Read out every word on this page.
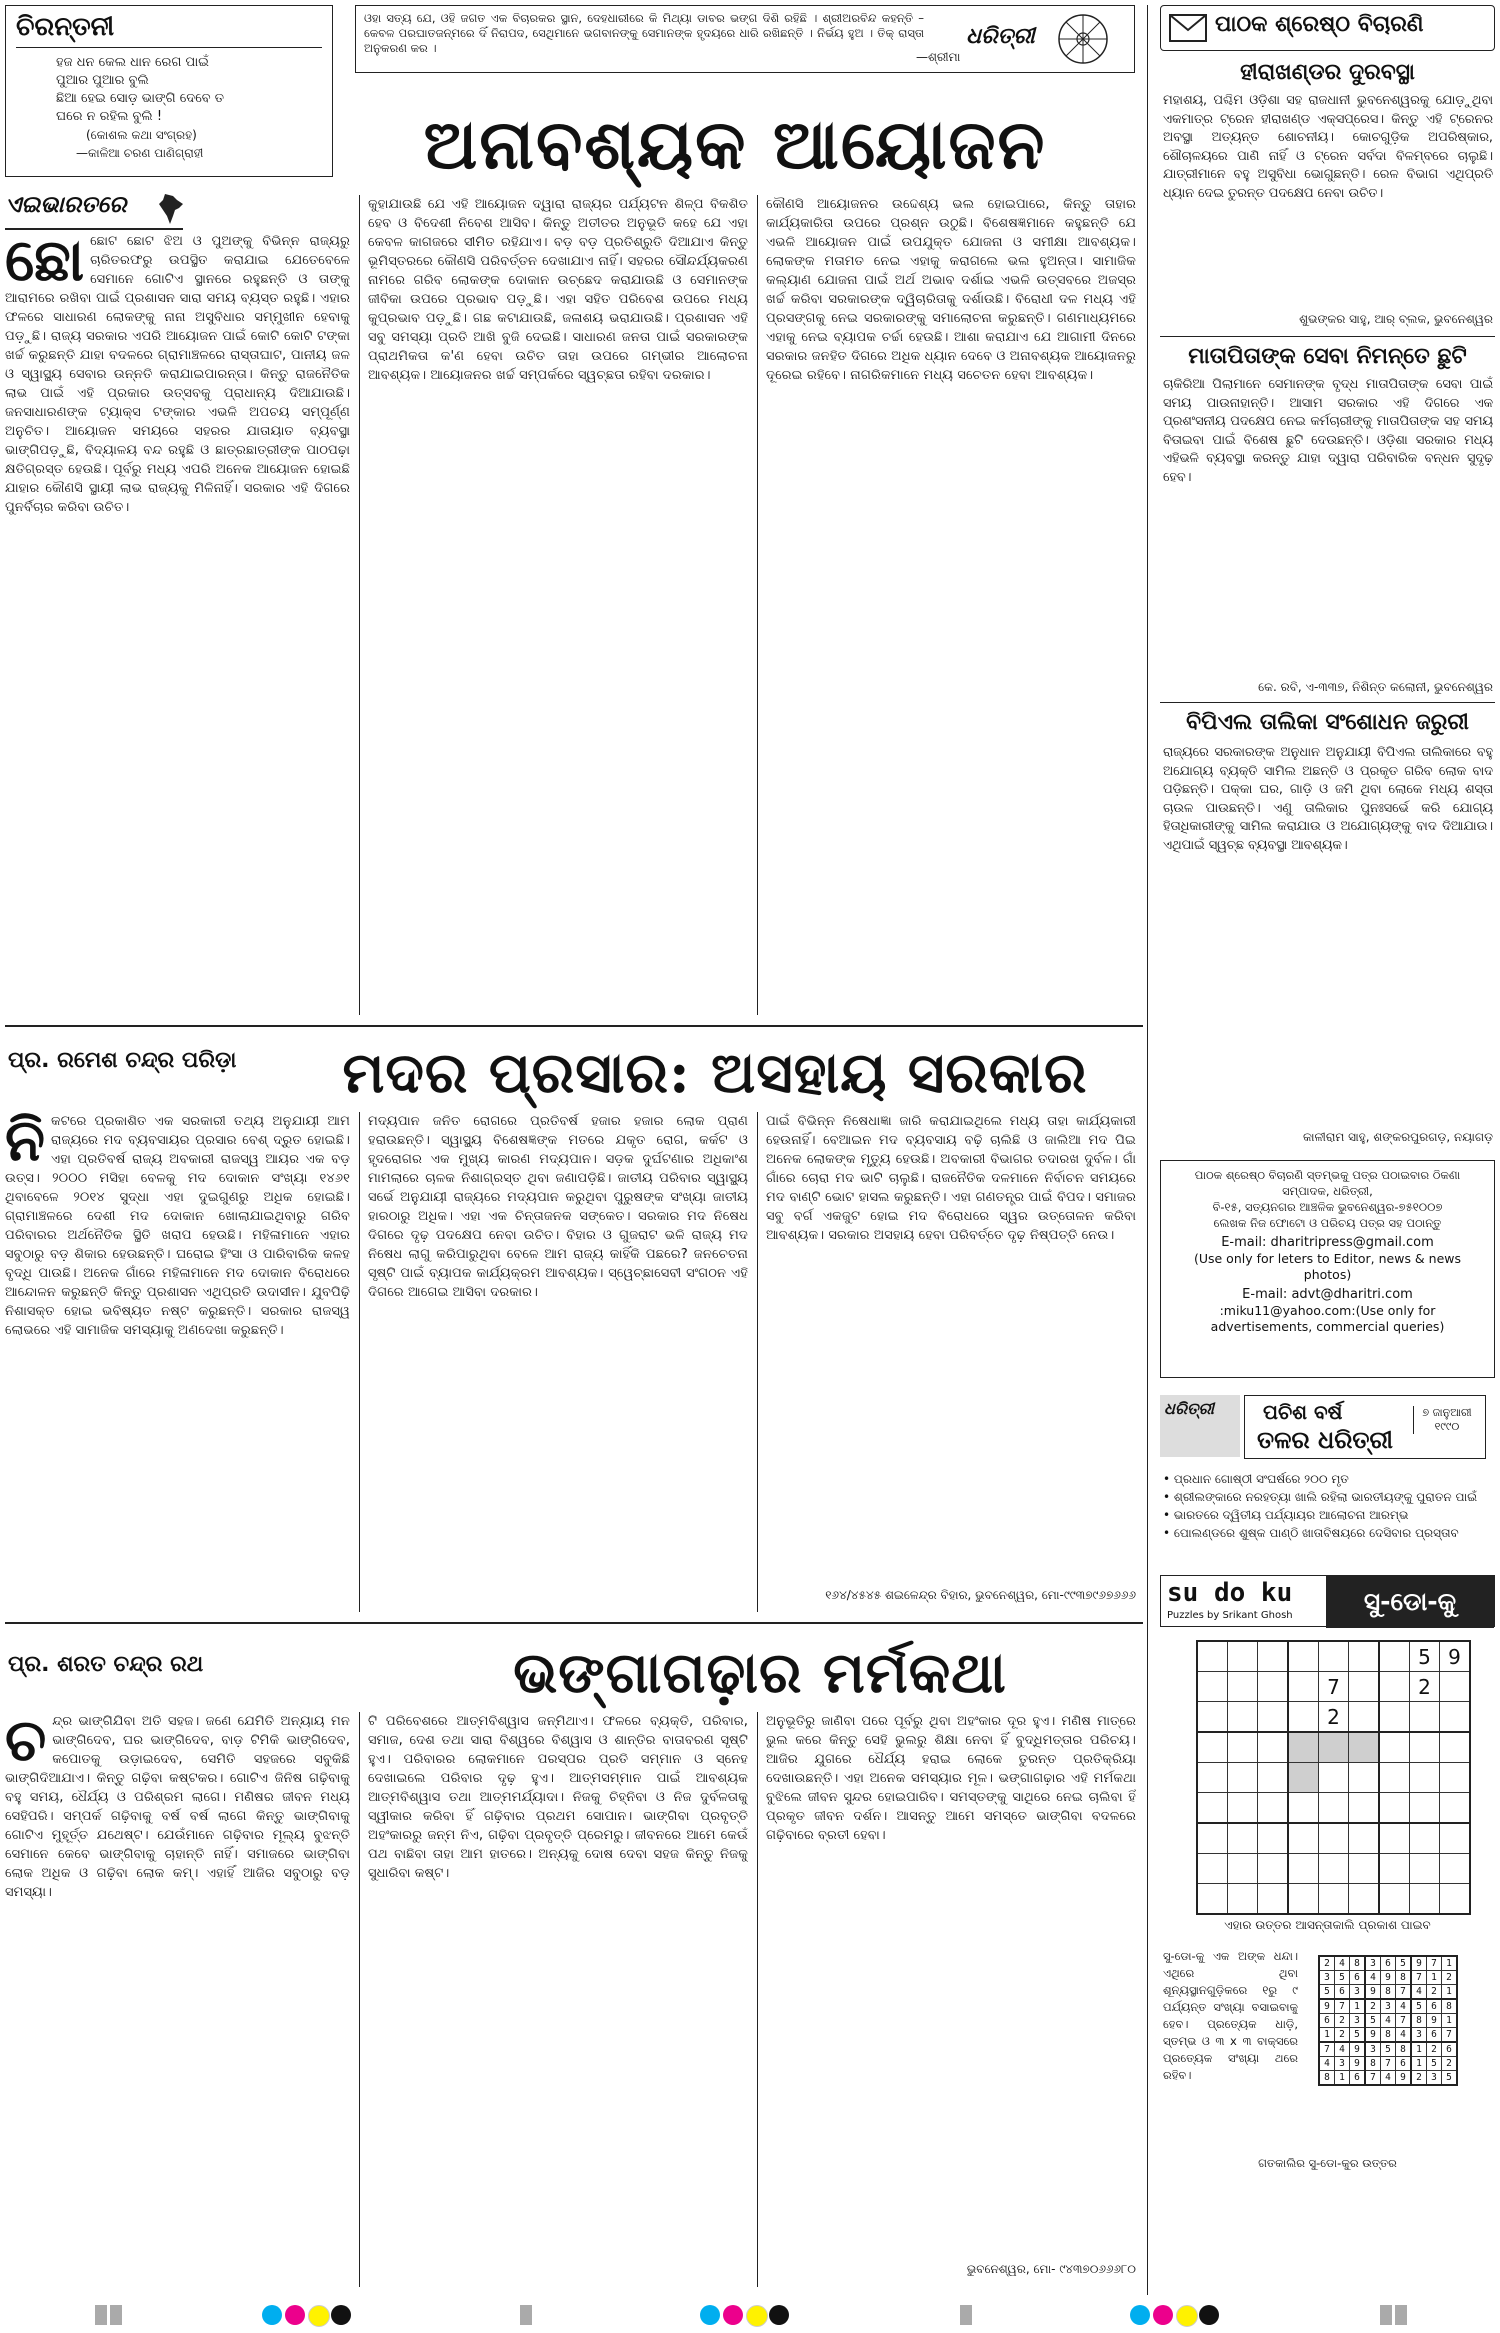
ଚିରନ୍ତନୀ
ହଜ ଧନ କେଲ ଧାନ ରେଗ ପାଇଁ
ପୁଆର ପୁଆର ବୁଲି
ଛିଆ ହେଇ ସୋଡ଼ ଭାଙ୍ଗି ଦେବେ ତ
ଘରେ ନ ରହିଲ ବୁଲି !
(କୋଶଲ କଥା ସଂଗ୍ରହ)
—କାଳିଆ ଚରଣ ପାଣିଗ୍ରାହୀ
ଓହା ସତ୍ୟ ଯେ, ଓହି ଜଗତ ଏକ ବିଚାରକର ସ୍ଥାନ, ଦେହଧାରୀରେ କି ମିଥ୍ୟା ଡାବର ଭଙ୍ଗ ଦିଶି ରହିଛି । ଶ୍ରୀଅରବିନ୍ଦ କହନ୍ତି – କେବଳ ପରଘାତଜନ୍ମରେ ଦିଁ ନିରାପଦ, ସେଥିମାନେ ଭଗବାନଙ୍କୁ ସେମାନଙ୍କ ହୃଦୟରେ ଧାରି ରଖିଛନ୍ତି । ନିର୍ଭୟ ହୁଅ । ତିକ୍ ରାସ୍ତା ଅନୁକରଣ କର ।
—ଶ୍ରୀମା
ଧରିତ୍ରୀ
ଅନାବଶ୍ୟକ ଆୟୋଜନ
ଏଇଭାରତରେ
ଛୋଛୋଟ ଛୋଟ ଝିଅ ଓ ପୁଅଙ୍କୁ ବିଭିନ୍ନ ରାଜ୍ୟରୁ ଚାରିତରଫରୁ ଉପସ୍ଥିତ କରାଯାଇ ଯେତେବେଳେ ସେମାନେ ଗୋଟିଏ ସ୍ଥାନରେ ରହୁଛନ୍ତି ଓ ତାଙ୍କୁ ଆରାମରେ ରଖିବା ପାଇଁ ପ୍ରଶାସନ ସାରା ସମୟ ବ୍ୟସ୍ତ ରହୁଛି। ଏହାର ଫଳରେ ସାଧାରଣ ଲୋକଙ୍କୁ ନାନା ଅସୁବିଧାର ସମ୍ମୁଖୀନ ହେବାକୁ ପଡ଼ୁଛି। ରାଜ୍ୟ ସରକାର ଏପରି ଆୟୋଜନ ପାଇଁ କୋଟି କୋଟି ଟଙ୍କା ଖର୍ଚ୍ଚ କରୁଛନ୍ତି ଯାହା ବଦଳରେ ଗ୍ରାମାଞ୍ଚଳରେ ରାସ୍ତାଘାଟ, ପାନୀୟ ଜଳ ଓ ସ୍ୱାସ୍ଥ୍ୟ ସେବାର ଉନ୍ନତି କରାଯାଇପାରନ୍ତା। କିନ୍ତୁ ରାଜନୈତିକ ଲାଭ ପାଇଁ ଏହି ପ୍ରକାର ଉତ୍ସବକୁ ପ୍ରାଧାନ୍ୟ ଦିଆଯାଉଛି। ଜନସାଧାରଣଙ୍କ ଟ୍ୟାକ୍ସ ଟଙ୍କାର ଏଭଳି ଅପଚୟ ସମ୍ପୂର୍ଣ୍ଣ ଅନୁଚିତ। ଆୟୋଜନ ସମୟରେ ସହରର ଯାତାୟାତ ବ୍ୟବସ୍ଥା ଭାଙ୍ଗିପଡ଼ୁଛି, ବିଦ୍ୟାଳୟ ବନ୍ଦ ରହୁଛି ଓ ଛାତ୍ରଛାତ୍ରୀଙ୍କ ପାଠପଢ଼ା କ୍ଷତିଗ୍ରସ୍ତ ହେଉଛି। ପୂର୍ବରୁ ମଧ୍ୟ ଏପରି ଅନେକ ଆୟୋଜନ ହୋଇଛି ଯାହାର କୌଣସି ସ୍ଥାୟୀ ଲାଭ ରାଜ୍ୟକୁ ମିଳିନାହିଁ। ସରକାର ଏହି ଦିଗରେ ପୁନର୍ବିଚାର କରିବା ଉଚିତ।
କୁହାଯାଉଛି ଯେ ଏହି ଆୟୋଜନ ଦ୍ୱାରା ରାଜ୍ୟର ପର୍ଯ୍ୟଟନ ଶିଳ୍ପ ବିକଶିତ ହେବ ଓ ବିଦେଶୀ ନିବେଶ ଆସିବ। କିନ୍ତୁ ଅତୀତର ଅନୁଭୂତି କହେ ଯେ ଏହା କେବଳ କାଗଜରେ ସୀମିତ ରହିଯାଏ। ବଡ଼ ବଡ଼ ପ୍ରତିଶ୍ରୁତି ଦିଆଯାଏ କିନ୍ତୁ ଭୂମିସ୍ତରରେ କୌଣସି ପରିବର୍ତ୍ତନ ଦେଖାଯାଏ ନାହିଁ। ସହରର ସୌନ୍ଦର୍ଯ୍ୟକରଣ ନାମରେ ଗରିବ ଲୋକଙ୍କ ଦୋକାନ ଉଚ୍ଛେଦ କରାଯାଉଛି ଓ ସେମାନଙ୍କ ଜୀବିକା ଉପରେ ପ୍ରଭାବ ପଡ଼ୁଛି। ଏହା ସହିତ ପରିବେଶ ଉପରେ ମଧ୍ୟ କୁପ୍ରଭାବ ପଡ଼ୁଛି। ଗଛ କଟାଯାଉଛି, ଜଳାଶୟ ଭରାଯାଉଛି। ପ୍ରଶାସନ ଏହି ସବୁ ସମସ୍ୟା ପ୍ରତି ଆଖି ବୁଜି ଦେଇଛି। ସାଧାରଣ ଜନତା ପାଇଁ ସରକାରଙ୍କ ପ୍ରାଥମିକତା କ'ଣ ହେବା ଉଚିତ ତାହା ଉପରେ ଗମ୍ଭୀର ଆଲୋଚନା ଆବଶ୍ୟକ। ଆୟୋଜନର ଖର୍ଚ୍ଚ ସମ୍ପର୍କରେ ସ୍ୱଚ୍ଛତା ରହିବା ଦରକାର।
କୌଣସି ଆୟୋଜନର ଉଦ୍ଦେଶ୍ୟ ଭଲ ହୋଇପାରେ, କିନ୍ତୁ ତାହାର କାର୍ଯ୍ୟକାରିତା ଉପରେ ପ୍ରଶ୍ନ ଉଠୁଛି। ବିଶେଷଜ୍ଞମାନେ କହୁଛନ୍ତି ଯେ ଏଭଳି ଆୟୋଜନ ପାଇଁ ଉପଯୁକ୍ତ ଯୋଜନା ଓ ସମୀକ୍ଷା ଆବଶ୍ୟକ। ଲୋକଙ୍କ ମତାମତ ନେଇ ଏହାକୁ କରାଗଲେ ଭଲ ହୁଅନ୍ତା। ସାମାଜିକ କଲ୍ୟାଣ ଯୋଜନା ପାଇଁ ଅର୍ଥ ଅଭାବ ଦର୍ଶାଇ ଏଭଳି ଉତ୍ସବରେ ଅଜସ୍ର ଖର୍ଚ୍ଚ କରିବା ସରକାରଙ୍କ ଦ୍ୱିଚାରିତାକୁ ଦର୍ଶାଉଛି। ବିରୋଧୀ ଦଳ ମଧ୍ୟ ଏହି ପ୍ରସଙ୍ଗକୁ ନେଇ ସରକାରଙ୍କୁ ସମାଲୋଚନା କରୁଛନ୍ତି। ଗଣମାଧ୍ୟମରେ ଏହାକୁ ନେଇ ବ୍ୟାପକ ଚର୍ଚ୍ଚା ହେଉଛି। ଆଶା କରାଯାଏ ଯେ ଆଗାମୀ ଦିନରେ ସରକାର ଜନହିତ ଦିଗରେ ଅଧିକ ଧ୍ୟାନ ଦେବେ ଓ ଅନାବଶ୍ୟକ ଆୟୋଜନରୁ ଦୂରେଇ ରହିବେ। ନାଗରିକମାନେ ମଧ୍ୟ ସଚେତନ ହେବା ଆବଶ୍ୟକ।
ପାଠକ ଶ୍ରେଷ୍ଠ ବିଚାରଣି
ହୀରାଖଣ୍ଡର ଦୁରବସ୍ଥା
ମହାଶୟ, ପଶ୍ଚିମ ଓଡ଼ିଶା ସହ ରାଜଧାନୀ ଭୁବନେଶ୍ୱରକୁ ଯୋଡ଼ୁଥିବା ଏକମାତ୍ର ଟ୍ରେନ ହୀରାଖଣ୍ଡ ଏକ୍ସପ୍ରେସ। କିନ୍ତୁ ଏହି ଟ୍ରେନର ଅବସ୍ଥା ଅତ୍ୟନ୍ତ ଶୋଚନୀୟ। କୋଚଗୁଡ଼ିକ ଅପରିଷ୍କାର, ଶୌଚାଳୟରେ ପାଣି ନାହିଁ ଓ ଟ୍ରେନ ସର୍ବଦା ବିଳମ୍ବରେ ଚାଲୁଛି। ଯାତ୍ରୀମାନେ ବହୁ ଅସୁବିଧା ଭୋଗୁଛନ୍ତି। ରେଳ ବିଭାଗ ଏଥିପ୍ରତି ଧ୍ୟାନ ଦେଇ ତୁରନ୍ତ ପଦକ୍ଷେପ ନେବା ଉଚିତ।
ଶୁଭଙ୍କର ସାହୁ, ଆର୍ ବ୍ଲକ, ଭୁବନେଶ୍ୱର
ମାତାପିତାଙ୍କ ସେବା ନିମନ୍ତେ ଛୁଟି
ଚାକିରିଆ ପିଲାମାନେ ସେମାନଙ୍କ ବୃଦ୍ଧ ମାତାପିତାଙ୍କ ସେବା ପାଇଁ ସମୟ ପାଉନାହାନ୍ତି। ଆସାମ ସରକାର ଏହି ଦିଗରେ ଏକ ପ୍ରଶଂସନୀୟ ପଦକ୍ଷେପ ନେଇ କର୍ମଚାରୀଙ୍କୁ ମାତାପିତାଙ୍କ ସହ ସମୟ ବିତାଇବା ପାଇଁ ବିଶେଷ ଛୁଟି ଦେଉଛନ୍ତି। ଓଡ଼ିଶା ସରକାର ମଧ୍ୟ ଏହିଭଳି ବ୍ୟବସ୍ଥା କରନ୍ତୁ ଯାହା ଦ୍ୱାରା ପରିବାରିକ ବନ୍ଧନ ସୁଦୃଢ଼ ହେବ।
କେ. ରବି, ଏ-୩୩୭, ନିଶିନ୍ତ କଲୋନୀ, ଭୁବନେଶ୍ୱର
ବିପିଏଲ ତାଲିକା ସଂଶୋଧନ ଜରୁରୀ
ରାଜ୍ୟରେ ସରକାରଙ୍କ ଅନୁଧାନ ଅନୁଯାୟୀ ବିପିଏଲ ତାଲିକାରେ ବହୁ ଅଯୋଗ୍ୟ ବ୍ୟକ୍ତି ସାମିଲ ଅଛନ୍ତି ଓ ପ୍ରକୃତ ଗରିବ ଲୋକ ବାଦ ପଡ଼ିଛନ୍ତି। ପକ୍କା ଘର, ଗାଡ଼ି ଓ ଜମି ଥିବା ଲୋକେ ମଧ୍ୟ ଶସ୍ତା ଚାଉଳ ପାଉଛନ୍ତି। ଏଣୁ ତାଲିକାର ପୁନଃସର୍ଭେ କରି ଯୋଗ୍ୟ ହିତାଧିକାରୀଙ୍କୁ ସାମିଲ କରାଯାଉ ଓ ଅଯୋଗ୍ୟଙ୍କୁ ବାଦ ଦିଆଯାଉ। ଏଥିପାଇଁ ସ୍ୱଚ୍ଛ ବ୍ୟବସ୍ଥା ଆବଶ୍ୟକ।
କାଳୀରାମ ସାହୁ, ଶଙ୍କରପୁରଗଡ଼, ନୟାଗଡ଼
ପାଠକ ଶ୍ରେଷ୍ଠ ବିଚାରଣି ସ୍ତମ୍ଭକୁ ପତ୍ର ପଠାଇବାର ଠିକଣା
ସମ୍ପାଦକ, ଧରିତ୍ରୀ,
ବି-୧୫, ସତ୍ୟନଗର ଆଞ୍ଚଳିକ ଭୁବନେଶ୍ୱର-୭୫୧୦୦୭
ଲେଖକ ନିଜ ଫୋଟୋ ଓ ପରିଚୟ ପତ୍ର ସହ ପଠାନ୍ତୁ
E-mail: dharitripress@gmail.com
(Use only for leters to Editor, news & news photos)
E-mail: advt@dharitri.com
:miku11@yahoo.com:(Use only for advertisements, commercial queries)
ଧରିତ୍ରୀ	ପଚିଶ ବର୍ଷ
ତଳର ଧରିତ୍ରୀ
୭ ଜାନୁଆରୀ ୧୯୯୦
• ପ୍ରଧାନ ଗୋଷ୍ଠୀ ସଂଘର୍ଷରେ ୨୦୦ ମୃତ
• ଶ୍ରୀଲଙ୍କାରେ ନରହତ୍ୟା ଖାଲି ରହିଲା ଭାରତୀୟଙ୍କୁ ପୁରାତନ ପାଇଁ
• ଭାରତରେ ଦ୍ୱିତୀୟ ପର୍ଯ୍ୟାୟର ଆଲୋଚନା ଆରମ୍ଭ
• ପୋଲଣ୍ଡରେ ଶୁଷ୍କ ପାଣ୍ଠି ଖାତାବିଷୟରେ ଦେସିବାର ପ୍ରସ୍ତାବ
su do ku
Puzzles by Srikant Ghosh	ସୁ-ଡୋ-କୁ
							5	9
				7			2	
				2				

ଏହାର ଉତ୍ତର ଆସନ୍ତାକାଲି ପ୍ରକାଶ ପାଇବ
ସୁ-ଡୋ-କୁ ଏକ ଅଙ୍କ ଧନ୍ଦା। ଏଥିରେ ଥିବା ଶୂନ୍ୟସ୍ଥାନଗୁଡ଼ିକରେ ୧ରୁ ୯ ପର୍ଯ୍ୟନ୍ତ ସଂଖ୍ୟା ବସାଇବାକୁ ହେବ। ପ୍ରତ୍ୟେକ ଧାଡ଼ି, ସ୍ତମ୍ଭ ଓ ୩ x ୩ ବାକ୍ସରେ ପ୍ରତ୍ୟେକ ସଂଖ୍ୟା ଥରେ ରହିବ।
2	4	8	3	6	5	9	7	1
3	5	6	4	9	8	7	1	2
5	6	3	9	8	7	4	2	1
9	7	1	2	3	4	5	6	8
6	2	3	5	4	7	8	9	1
1	2	5	9	8	4	3	6	7
7	4	9	3	5	8	1	2	6
4	3	9	8	7	6	1	5	2
8	1	6	7	4	9	2	3	5
ଗତକାଲିର ସୁ-ଡୋ-କୁର ଉତ୍ତର
ପ୍ର. ରମେଶ ଚନ୍ଦ୍ର ପରିଡ଼ା	ମଦର ପ୍ରସାର: ଅସହାୟ ସରକାର
ନିକଟରେ ପ୍ରକାଶିତ ଏକ ସରକାରୀ ତଥ୍ୟ ଅନୁଯାୟୀ ଆମ ରାଜ୍ୟରେ ମଦ ବ୍ୟବସାୟର ପ୍ରସାର ବେଶ୍ ଦ୍ରୁତ ହୋଇଛି। ଏହା ପ୍ରତିବର୍ଷ ରାଜ୍ୟ ଅବକାରୀ ରାଜସ୍ୱ ଆୟର ଏକ ବଡ଼ ଉତ୍ସ। ୨୦୦୦ ମସିହା ବେଳକୁ ମଦ ଦୋକାନ ସଂଖ୍ୟା ୧୪୬୧ ଥିବାବେଳେ ୨୦୧୪ ସୁଦ୍ଧା ଏହା ଦୁଇଗୁଣରୁ ଅଧିକ ହୋଇଛି। ଗ୍ରାମାଞ୍ଚଳରେ ଦେଶୀ ମଦ ଦୋକାନ ଖୋଲାଯାଇଥିବାରୁ ଗରିବ ପରିବାରର ଅର୍ଥନୈତିକ ସ୍ଥିତି ଖରାପ ହେଉଛି। ମହିଳାମାନେ ଏହାର ସବୁଠାରୁ ବଡ଼ ଶିକାର ହେଉଛନ୍ତି। ଘରୋଇ ହିଂସା ଓ ପାରିବାରିକ କଳହ ବୃଦ୍ଧି ପାଉଛି। ଅନେକ ଗାଁରେ ମହିଳାମାନେ ମଦ ଦୋକାନ ବିରୋଧରେ ଆନ୍ଦୋଳନ କରୁଛନ୍ତି କିନ୍ତୁ ପ୍ରଶାସନ ଏଥିପ୍ରତି ଉଦାସୀନ। ଯୁବପିଢ଼ି ନିଶାସକ୍ତ ହୋଇ ଭବିଷ୍ୟତ ନଷ୍ଟ କରୁଛନ୍ତି। ସରକାର ରାଜସ୍ୱ ଲୋଭରେ ଏହି ସାମାଜିକ ସମସ୍ୟାକୁ ଅଣଦେଖା କରୁଛନ୍ତି।
ମଦ୍ୟପାନ ଜନିତ ରୋଗରେ ପ୍ରତିବର୍ଷ ହଜାର ହଜାର ଲୋକ ପ୍ରାଣ ହରାଉଛନ୍ତି। ସ୍ୱାସ୍ଥ୍ୟ ବିଶେଷଜ୍ଞଙ୍କ ମତରେ ଯକୃତ ରୋଗ, କର୍କଟ ଓ ହୃଦରୋଗର ଏକ ମୁଖ୍ୟ କାରଣ ମଦ୍ୟପାନ। ସଡ଼କ ଦୁର୍ଘଟଣାର ଅଧିକାଂଶ ମାମଲାରେ ଚାଳକ ନିଶାଗ୍ରସ୍ତ ଥିବା ଜଣାପଡ଼ିଛି। ଜାତୀୟ ପରିବାର ସ୍ୱାସ୍ଥ୍ୟ ସର୍ଭେ ଅନୁଯାୟୀ ରାଜ୍ୟରେ ମଦ୍ୟପାନ କରୁଥିବା ପୁରୁଷଙ୍କ ସଂଖ୍ୟା ଜାତୀୟ ହାରଠାରୁ ଅଧିକ। ଏହା ଏକ ଚିନ୍ତାଜନକ ସଙ୍କେତ। ସରକାର ମଦ ନିଷେଧ ଦିଗରେ ଦୃଢ଼ ପଦକ୍ଷେପ ନେବା ଉଚିତ। ବିହାର ଓ ଗୁଜରାଟ ଭଳି ରାଜ୍ୟ ମଦ ନିଷେଧ ଲାଗୁ କରିପାରୁଥିବା ବେଳେ ଆମ ରାଜ୍ୟ କାହିଁକି ପଛରେ? ଜନଚେତନା ସୃଷ୍ଟି ପାଇଁ ବ୍ୟାପକ କାର୍ଯ୍ୟକ୍ରମ ଆବଶ୍ୟକ। ସ୍ୱେଚ୍ଛାସେବୀ ସଂଗଠନ ଏହି ଦିଗରେ ଆଗେଇ ଆସିବା ଦରକାର।
ପାଇଁ ବିଭିନ୍ନ ନିଷେଧାଜ୍ଞା ଜାରି କରାଯାଇଥିଲେ ମଧ୍ୟ ତାହା କାର୍ଯ୍ୟକାରୀ ହେଉନାହିଁ। ବେଆଇନ ମଦ ବ୍ୟବସାୟ ବଢ଼ି ଚାଲିଛି ଓ ଜାଲିଆ ମଦ ପିଇ ଅନେକ ଲୋକଙ୍କ ମୃତ୍ୟୁ ହେଉଛି। ଅବକାରୀ ବିଭାଗର ତଦାରଖ ଦୁର୍ବଳ। ଗାଁ ଗାଁରେ ଚୋରା ମଦ ଭାଟି ଚାଲୁଛି। ରାଜନୈତିକ ଦଳମାନେ ନିର୍ବାଚନ ସମୟରେ ମଦ ବାଣ୍ଟି ଭୋଟ ହାସଲ କରୁଛନ୍ତି। ଏହା ଗଣତନ୍ତ୍ର ପାଇଁ ବିପଦ। ସମାଜର ସବୁ ବର୍ଗ ଏକଜୁଟ ହୋଇ ମଦ ବିରୋଧରେ ସ୍ୱର ଉତ୍ତୋଳନ କରିବା ଆବଶ୍ୟକ। ସରକାର ଅସହାୟ ହେବା ପରିବର୍ତ୍ତେ ଦୃଢ଼ ନିଷ୍ପତ୍ତି ନେଉ।
୧୬୪/୪୫୪୫ ଶଇଳେନ୍ଦ୍ର ବିହାର, ଭୁବନେଶ୍ୱର, ମୋ-୯୯୩୭୯୬୭୬୬୬
ପ୍ର. ଶରତ ଚନ୍ଦ୍ର ରଥ	ଭଙ୍ଗାଗଢ଼ାର ମର୍ମକଥା
ଚନ୍ଦ୍ର ଭାଙ୍ଗିଯିବା ଅତି ସହଜ। ଜଣେ ଯେମିତି ଅନ୍ୟାୟ ମନ ଭାଙ୍ଗିଦେବ, ଘର ଭାଙ୍ଗିଦେବ, ବାଡ଼ ଟିମିକି ଭାଙ୍ଗିଦେବ, କପୋତକୁ ଉଡ଼ାଇଦେବ, ସେମିତି ସହଜରେ ସବୁକିଛି ଭାଙ୍ଗିଦିଆଯାଏ। କିନ୍ତୁ ଗଢ଼ିବା କଷ୍ଟକର। ଗୋଟିଏ ଜିନିଷ ଗଢ଼ିବାକୁ ବହୁ ସମୟ, ଧୈର୍ଯ୍ୟ ଓ ପରିଶ୍ରମ ଲାଗେ। ମଣିଷର ଜୀବନ ମଧ୍ୟ ସେହିପରି। ସମ୍ପର୍କ ଗଢ଼ିବାକୁ ବର୍ଷ ବର୍ଷ ଲାଗେ କିନ୍ତୁ ଭାଙ୍ଗିବାକୁ ଗୋଟିଏ ମୁହୂର୍ତ୍ତ ଯଥେଷ୍ଟ। ଯେଉଁମାନେ ଗଢ଼ିବାର ମୂଲ୍ୟ ବୁଝନ୍ତି ସେମାନେ କେବେ ଭାଙ୍ଗିବାକୁ ଚାହାନ୍ତି ନାହିଁ। ସମାଜରେ ଭାଙ୍ଗିବା ଲୋକ ଅଧିକ ଓ ଗଢ଼ିବା ଲୋକ କମ୍। ଏହାହିଁ ଆଜିର ସବୁଠାରୁ ବଡ଼ ସମସ୍ୟା।
ଟି ପରିବେଶରେ ଆତ୍ମବିଶ୍ୱାସ ଜନ୍ମିଥାଏ। ଫଳରେ ବ୍ୟକ୍ତି, ପରିବାର, ସମାଜ, ଦେଶ ତଥା ସାରା ବିଶ୍ୱରେ ବିଶ୍ୱାସ ଓ ଶାନ୍ତିର ବାତାବରଣ ସୃଷ୍ଟି ହୁଏ। ପରିବାରର ଲୋକମାନେ ପରସ୍ପର ପ୍ରତି ସମ୍ମାନ ଓ ସ୍ନେହ ଦେଖାଇଲେ ପରିବାର ଦୃଢ଼ ହୁଏ। ଆତ୍ମସମ୍ମାନ ପାଇଁ ଆବଶ୍ୟକ ଆତ୍ମବିଶ୍ୱାସ ତଥା ଆତ୍ମମର୍ଯ୍ୟାଦା। ନିଜକୁ ଚିହ୍ନିବା ଓ ନିଜ ଦୁର୍ବଳତାକୁ ସ୍ୱୀକାର କରିବା ହିଁ ଗଢ଼ିବାର ପ୍ରଥମ ସୋପାନ। ଭାଙ୍ଗିବା ପ୍ରବୃତ୍ତି ଅହଂକାରରୁ ଜନ୍ମ ନିଏ, ଗଢ଼ିବା ପ୍ରବୃତ୍ତି ପ୍ରେମରୁ। ଜୀବନରେ ଆମେ କେଉଁ ପଥ ବାଛିବା ତାହା ଆମ ହାତରେ। ଅନ୍ୟକୁ ଦୋଷ ଦେବା ସହଜ କିନ୍ତୁ ନିଜକୁ ସୁଧାରିବା କଷ୍ଟ।
ଅନୁଭୂତିରୁ ଜାଣିବା ପରେ ପୂର୍ବରୁ ଥିବା ଅହଂକାର ଦୂର ହୁଏ। ମଣିଷ ମାତ୍ରେ ଭୁଲ କରେ କିନ୍ତୁ ସେହି ଭୁଲରୁ ଶିକ୍ଷା ନେବା ହିଁ ବୁଦ୍ଧିମତ୍ତାର ପରିଚୟ। ଆଜିର ଯୁଗରେ ଧୈର୍ଯ୍ୟ ହରାଇ ଲୋକେ ତୁରନ୍ତ ପ୍ରତିକ୍ରିୟା ଦେଖାଉଛନ୍ତି। ଏହା ଅନେକ ସମସ୍ୟାର ମୂଳ। ଭଙ୍ଗାଗଢ଼ାର ଏହି ମର୍ମକଥା ବୁଝିଲେ ଜୀବନ ସୁନ୍ଦର ହୋଇପାରିବ। ସମସ୍ତଙ୍କୁ ସାଥିରେ ନେଇ ଚାଲିବା ହିଁ ପ୍ରକୃତ ଜୀବନ ଦର୍ଶନ। ଆସନ୍ତୁ ଆମେ ସମସ୍ତେ ଭାଙ୍ଗିବା ବଦଳରେ ଗଢ଼ିବାରେ ବ୍ରତୀ ହେବା।
ଭୁବନେଶ୍ୱର, ମୋ- ୯୪୩୭୦୬୬୬୮୦
